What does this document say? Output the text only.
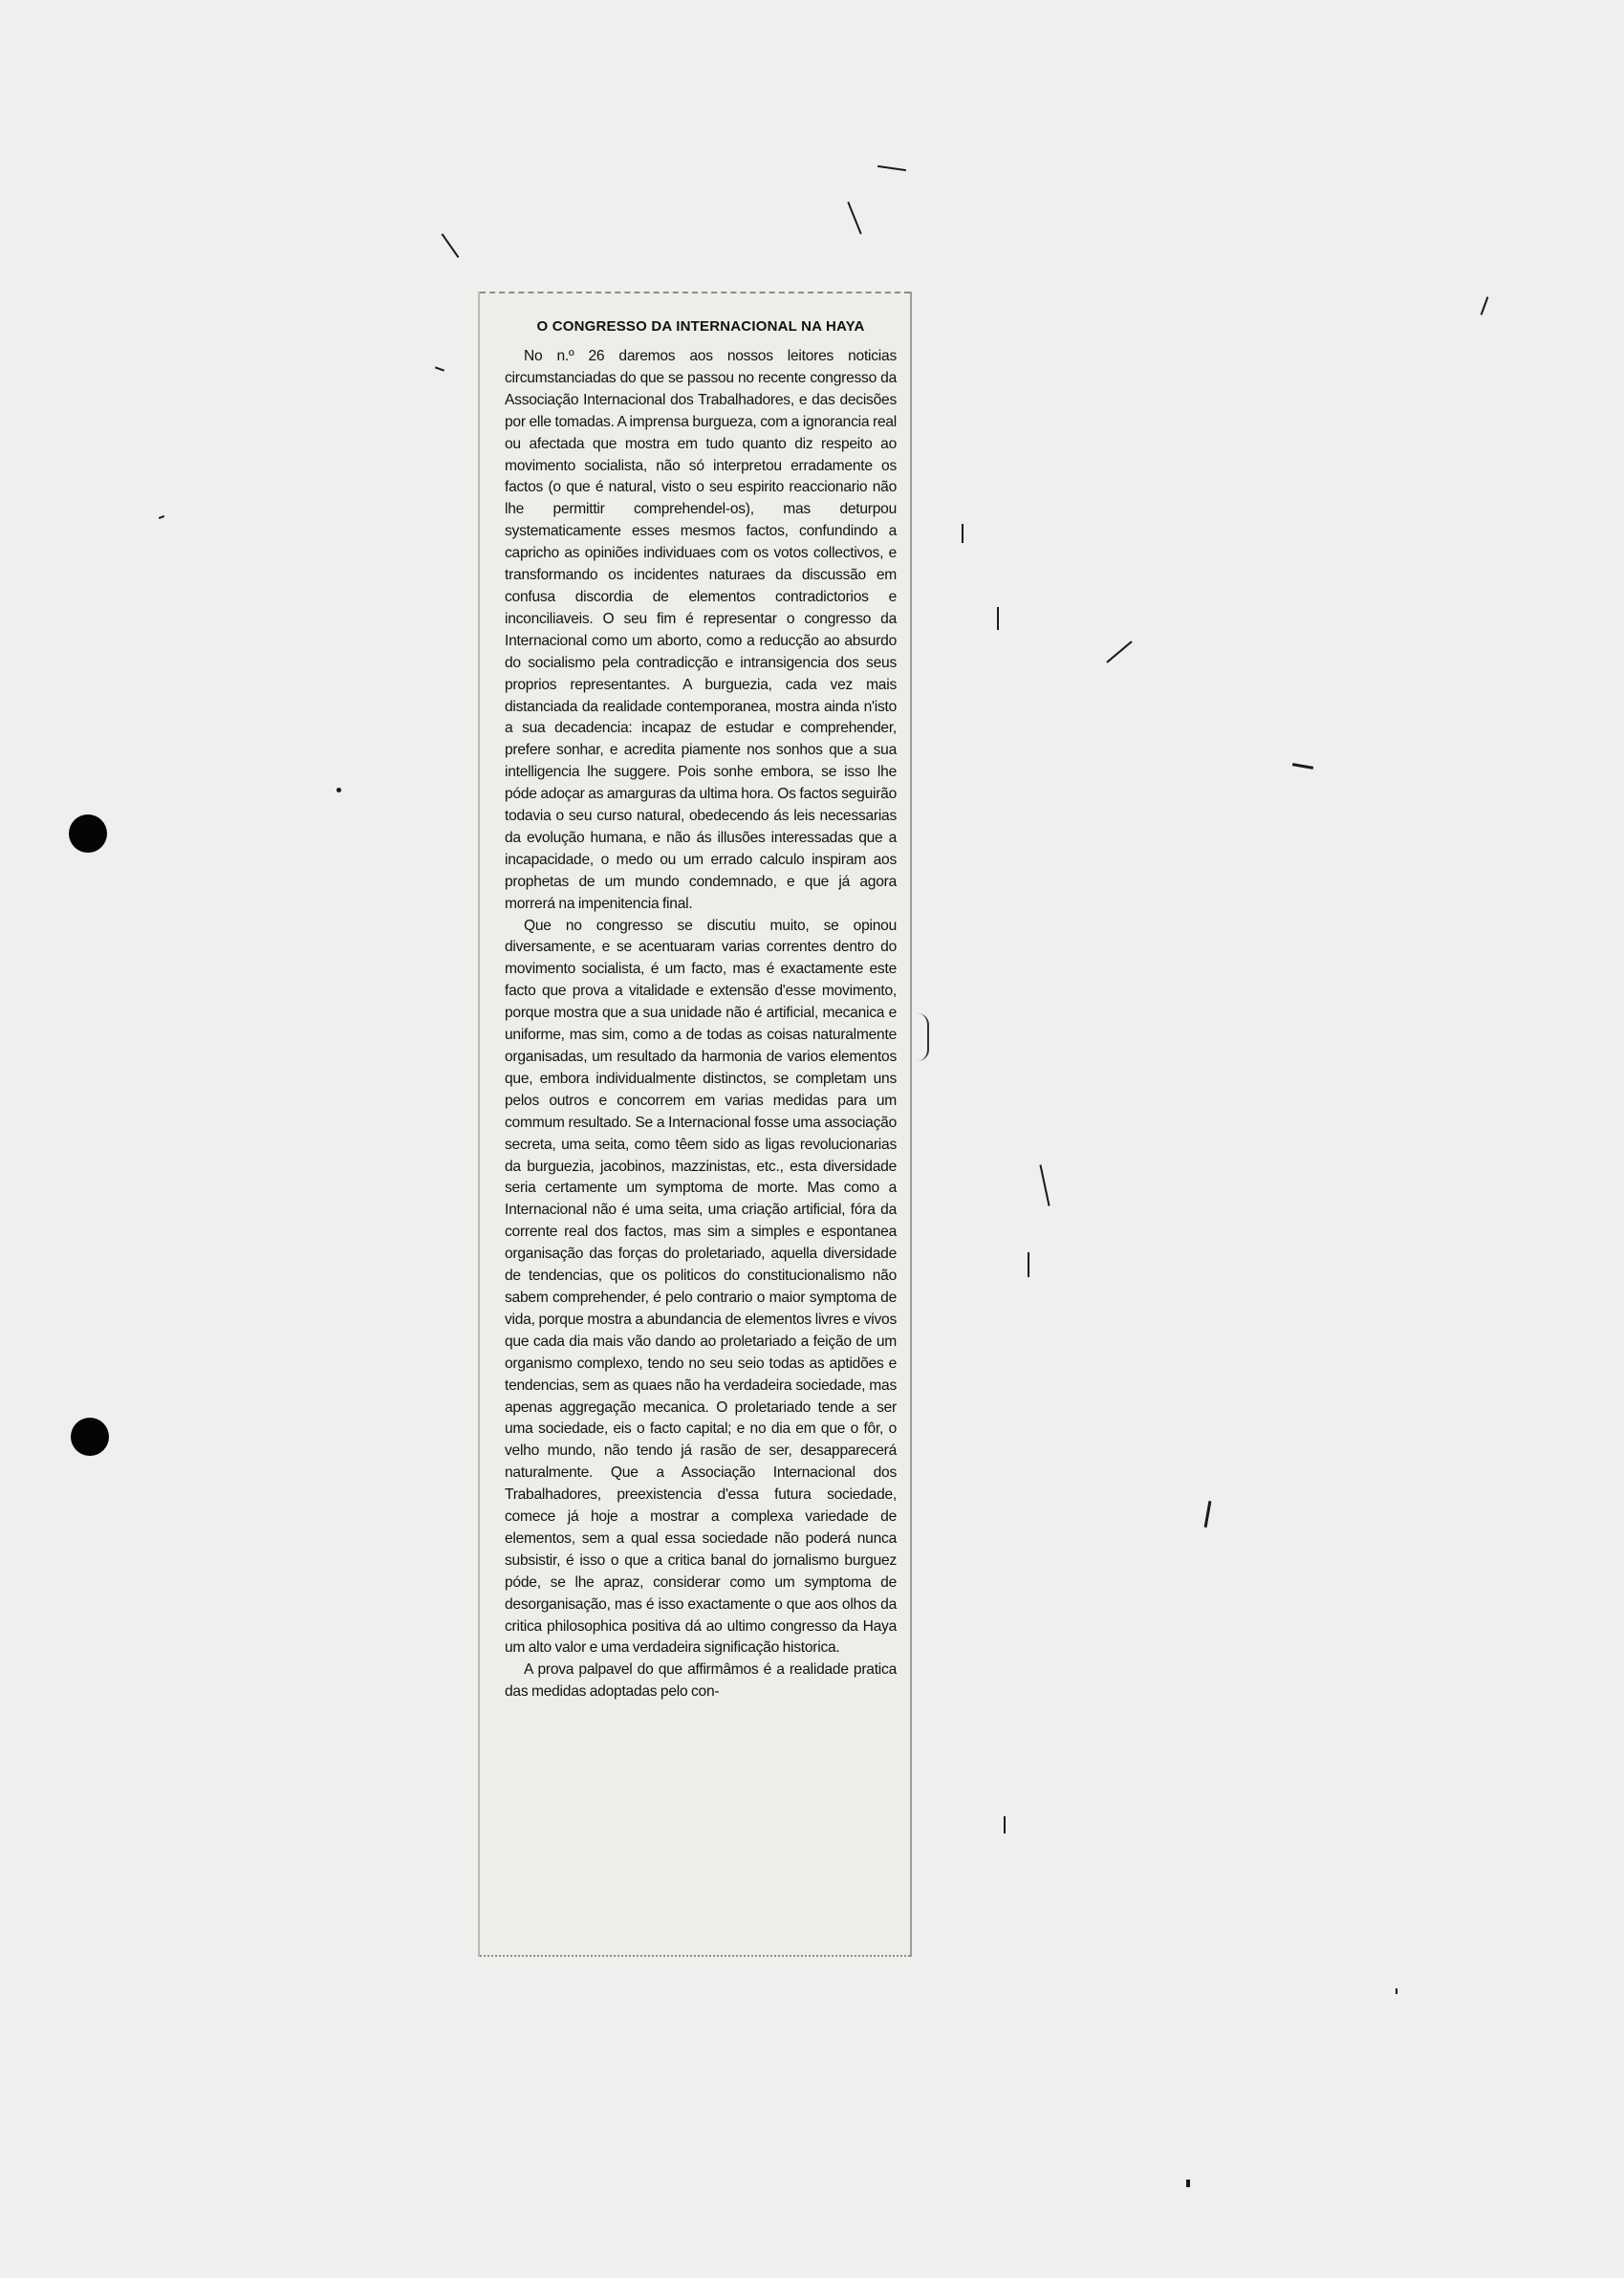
O CONGRESSO DA INTERNACIONAL NA HAYA

No n.º 26 daremos aos nossos leitores noticias circumstanciadas do que se passou no recente congresso da Associação Internacional dos Trabalhadores, e das decisões por elle tomadas. A imprensa burgueza, com a ignorancia real ou afectada que mostra em tudo quanto diz respeito ao movimento socialista, não só interpretou erradamente os factos (o que é natural, visto o seu espirito reaccionario não lhe permittir comprehendel-os), mas deturpou systematicamente esses mesmos factos, confundindo a capricho as opiniões individuaes com os votos collectivos, e transformando os incidentes naturaes da discussão em confusa discordia de elementos contradictorios e inconciliaveis. O seu fim é representar o congresso da Internacional como um aborto, como a reducção ao absurdo do socialismo pela contradicção e intransigencia dos seus proprios representantes. A burguezia, cada vez mais distanciada da realidade contemporanea, mostra ainda n'isto a sua decadencia: incapaz de estudar e comprehender, prefere sonhar, e acredita piamente nos sonhos que a sua intelligencia lhe suggere. Pois sonhe embora, se isso lhe póde adoçar as amarguras da ultima hora. Os factos seguirão todavia o seu curso natural, obedecendo ás leis necessarias da evolução humana, e não ás illusões interessadas que a incapacidade, o medo ou um errado calculo inspiram aos prophetas de um mundo condemnado, e que já agora morrerá na impenitencia final.

Que no congresso se discutiu muito, se opinou diversamente, e se acentuaram varias correntes dentro do movimento socialista, é um facto, mas é exactamente este facto que prova a vitalidade e extensão d'esse movimento, porque mostra que a sua unidade não é artificial, mecanica e uniforme, mas sim, como a de todas as coisas naturalmente organisadas, um resultado da harmonia de varios elementos que, embora individualmente distinctos, se completam uns pelos outros e concorrem em varias medidas para um commum resultado. Se a Internacional fosse uma associação secreta, uma seita, como têem sido as ligas revolucionarias da burguezia, jacobinos, mazzinistas, etc., esta diversidade seria certamente um symptoma de morte. Mas como a Internacional não é uma seita, uma criação artificial, fóra da corrente real dos factos, mas sim a simples e espontanea organisação das forças do proletariado, aquella diversidade de tendencias, que os politicos do constitucionalismo não sabem comprehender, é pelo contrario o maior symptoma de vida, porque mostra a abundancia de elementos livres e vivos que cada dia mais vão dando ao proletariado a feição de um organismo complexo, tendo no seu seio todas as aptidões e tendencias, sem as quaes não ha verdadeira sociedade, mas apenas aggregação mecanica. O proletariado tende a ser uma sociedade, eis o facto capital; e no dia em que o fôr, o velho mundo, não tendo já rasão de ser, desapparecerá naturalmente. Que a Associação Internacional dos Trabalhadores, preexistencia d'essa futura sociedade, comece já hoje a mostrar a complexa variedade de elementos, sem a qual essa sociedade não poderá nunca subsistir, é isso o que a critica banal do jornalismo burguez póde, se lhe apraz, considerar como um symptoma de desorganisação, mas é isso exactamente o que aos olhos da critica philosophica positiva dá ao ultimo congresso da Haya um alto valor e uma verdadeira significação historica.

A prova palpavel do que affirmâmos é a realidade pratica das medidas adoptadas pelo con-
